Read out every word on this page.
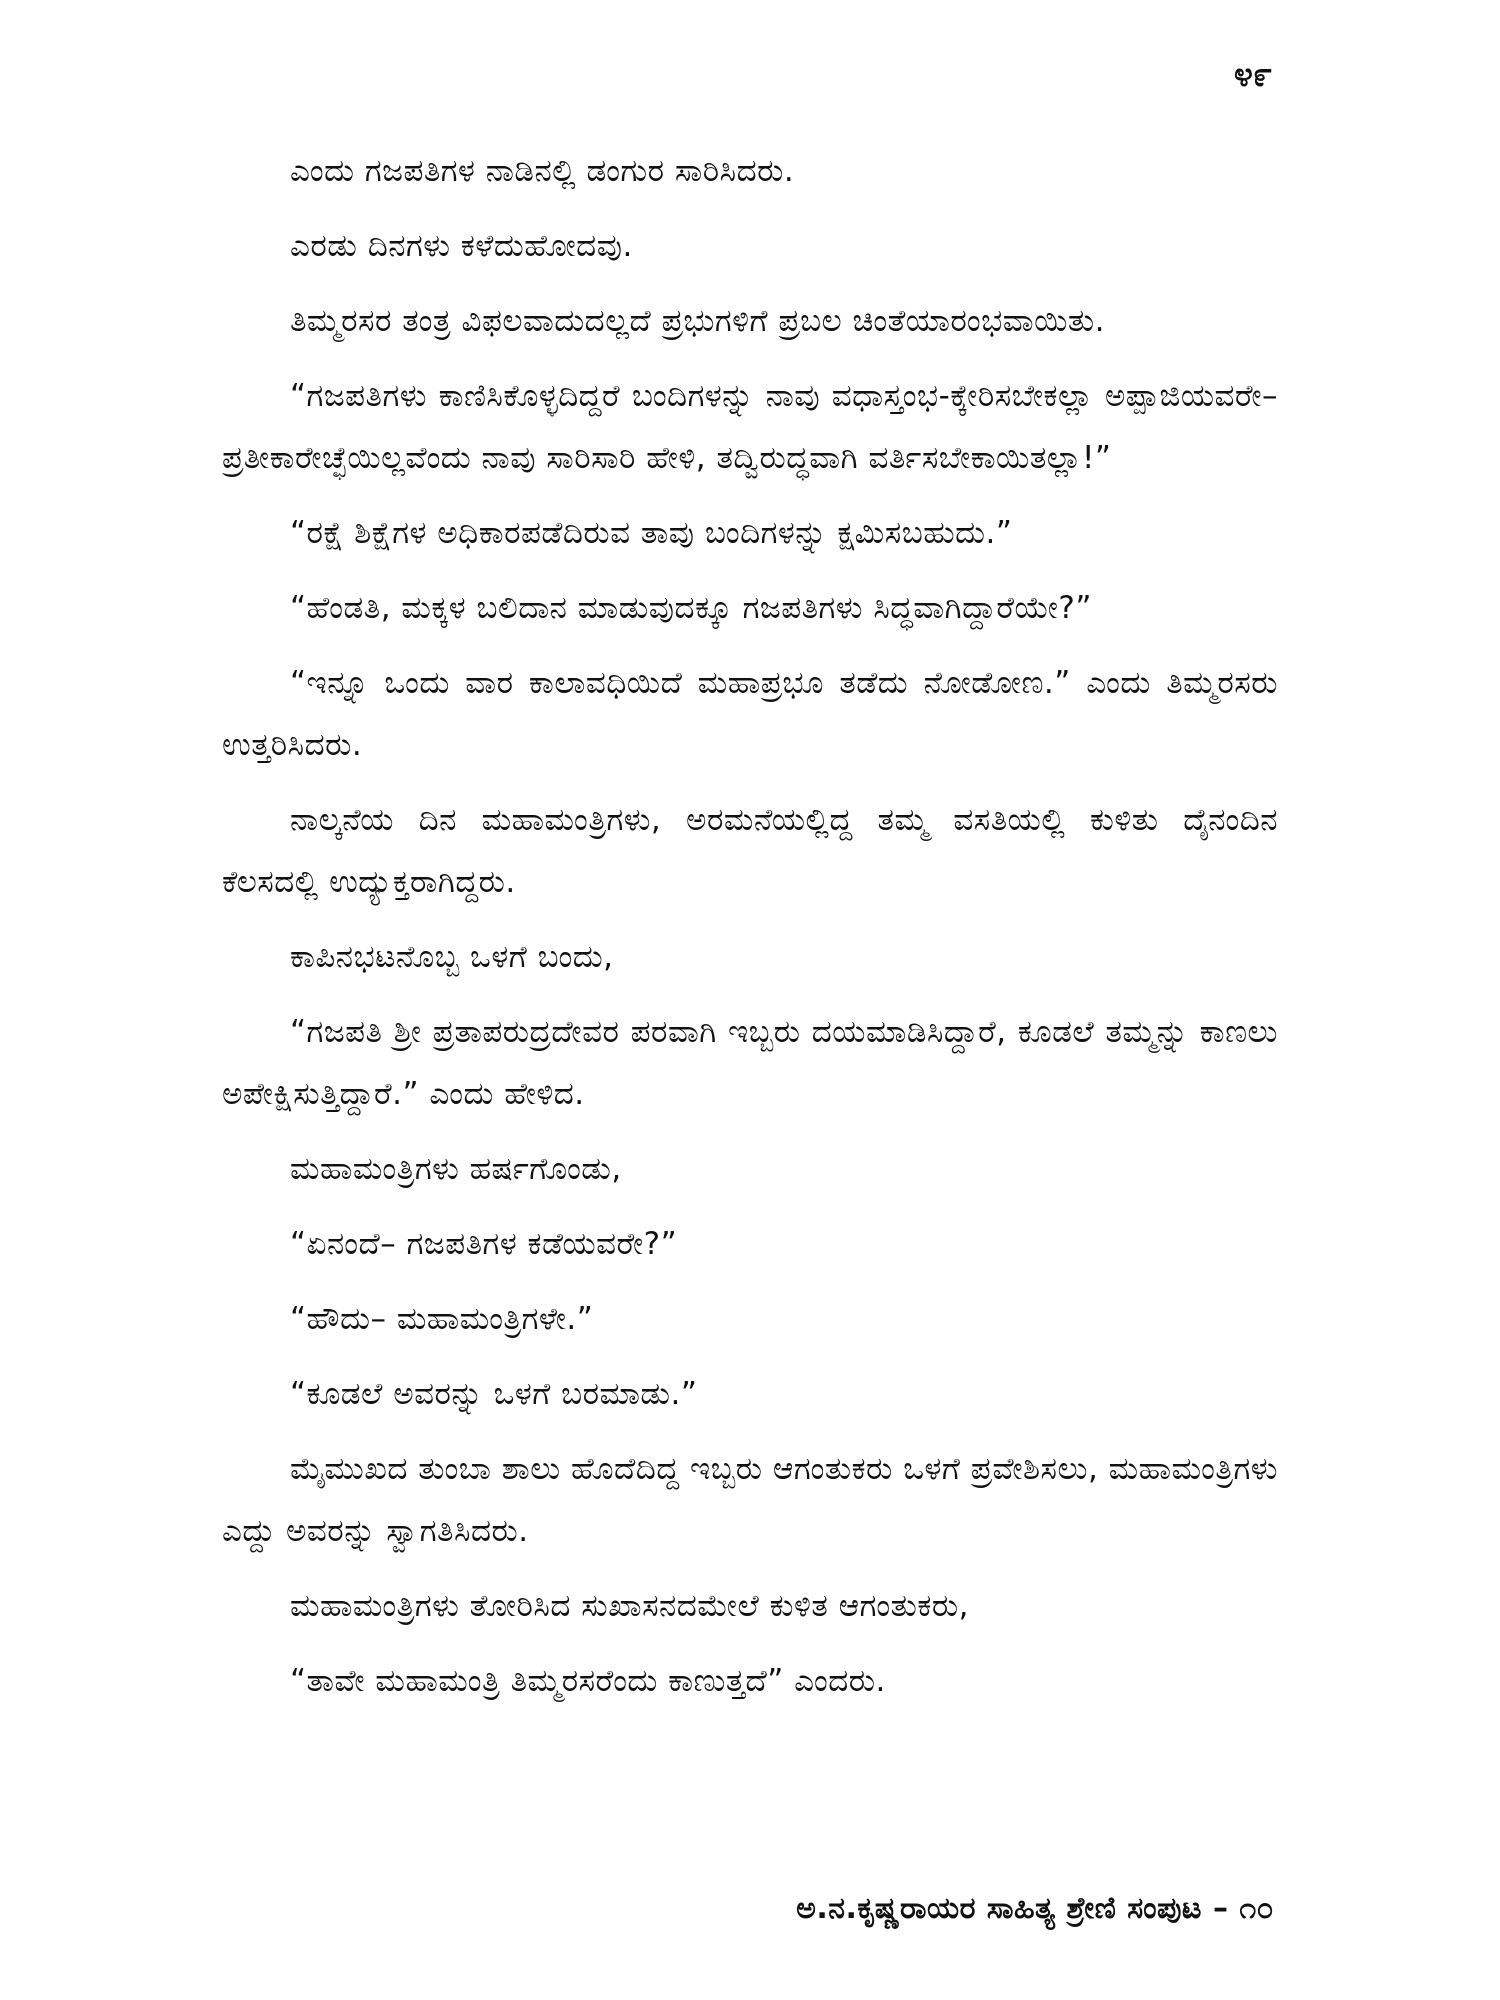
೪೯

ಎಂದು ಗಜಪತಿಗಳ ನಾಡಿನಲ್ಲಿ ಡಂಗುರ ಸಾರಿಸಿದರು.

ಎರಡು ದಿನಗಳು ಕಳೆದುಹೋದವು.

ತಿಮ್ಮರಸರ ತಂತ್ರ ವಿಫಲವಾದುದಲ್ಲದೆ ಪ್ರಭುಗಳಿಗೆ ಪ್ರಬಲ ಚಿಂತೆಯಾರಂಭವಾಯಿತು.

“ಗಜಪತಿಗಳು ಕಾಣಿಸಿಕೊಳ್ಳದಿದ್ದರೆ ಬಂದಿಗಳನ್ನು ನಾವು ವಧಾಸ್ತಂಭ-ಕ್ಕೇರಿಸಬೇಕಲ್ಲಾ ಅಪ್ಪಾಜಿಯವರೇ– ಪ್ರತೀಕಾರೇಚ್ಛೆಯಿಲ್ಲವೆಂದು ನಾವು ಸಾರಿಸಾರಿ ಹೇಳಿ, ತದ್ವಿರುದ್ಧವಾಗಿ ವರ್ತಿಸಬೇಕಾಯಿತಲ್ಲಾ!”

“ರಕ್ಷೆ ಶಿಕ್ಷೆಗಳ ಅಧಿಕಾರಪಡೆದಿರುವ ತಾವು ಬಂದಿಗಳನ್ನು ಕ್ಷಮಿಸಬಹುದು.”

“ಹೆಂಡತಿ, ಮಕ್ಕಳ ಬಲಿದಾನ ಮಾಡುವುದಕ್ಕೂ ಗಜಪತಿಗಳು ಸಿದ್ಧವಾಗಿದ್ದಾರೆಯೇ?”

“ಇನ್ನೂ ಒಂದು ವಾರ ಕಾಲಾವಧಿಯಿದೆ ಮಹಾಪ್ರಭೂ ತಡೆದು ನೋಡೋಣ.” ಎಂದು ತಿಮ್ಮರಸರು ಉತ್ತರಿಸಿದರು.

ನಾಲ್ಕನೆಯ ದಿನ ಮಹಾಮಂತ್ರಿಗಳು, ಅರಮನೆಯಲ್ಲಿದ್ದ ತಮ್ಮ ವಸತಿಯಲ್ಲಿ ಕುಳಿತು ದೈನಂದಿನ ಕೆಲಸದಲ್ಲಿ ಉದ್ಯುಕ್ತರಾಗಿದ್ದರು.

ಕಾಪಿನಭಟನೊಬ್ಬ ಒಳಗೆ ಬಂದು,

“ಗಜಪತಿ ಶ್ರೀ ಪ್ರತಾಪರುದ್ರದೇವರ ಪರವಾಗಿ ಇಬ್ಬರು ದಯಮಾಡಿಸಿದ್ದಾರೆ, ಕೂಡಲೆ ತಮ್ಮನ್ನು ಕಾಣಲು ಅಪೇಕ್ಷಿಸುತ್ತಿದ್ದಾರೆ.” ಎಂದು ಹೇಳಿದ.

ಮಹಾಮಂತ್ರಿಗಳು ಹರ್ಷಗೊಂಡು,

“ಏನಂದೆ– ಗಜಪತಿಗಳ ಕಡೆಯವರೇ?”

“ಹೌದು– ಮಹಾಮಂತ್ರಿಗಳೇ.”

“ಕೂಡಲೆ ಅವರನ್ನು ಒಳಗೆ ಬರಮಾಡು.”

ಮೈಮುಖದ ತುಂಬಾ ಶಾಲು ಹೊದೆದಿದ್ದ ಇಬ್ಬರು ಆಗಂತುಕರು ಒಳಗೆ ಪ್ರವೇಶಿಸಲು, ಮಹಾಮಂತ್ರಿಗಳು ಎದ್ದು ಅವರನ್ನು ಸ್ವಾಗತಿಸಿದರು.

ಮಹಾಮಂತ್ರಿಗಳು ತೋರಿಸಿದ ಸುಖಾಸನದಮೇಲೆ ಕುಳಿತ ಆಗಂತುಕರು,

“ತಾವೇ ಮಹಾಮಂತ್ರಿ ತಿಮ್ಮರಸರೆಂದು ಕಾಣುತ್ತದೆ” ಎಂದರು.

ಅ.ನ.ಕೃಷ್ಣರಾಯರ ಸಾಹಿತ್ಯ ಶ್ರೇಣಿ ಸಂಪುಟ – ೧೦
